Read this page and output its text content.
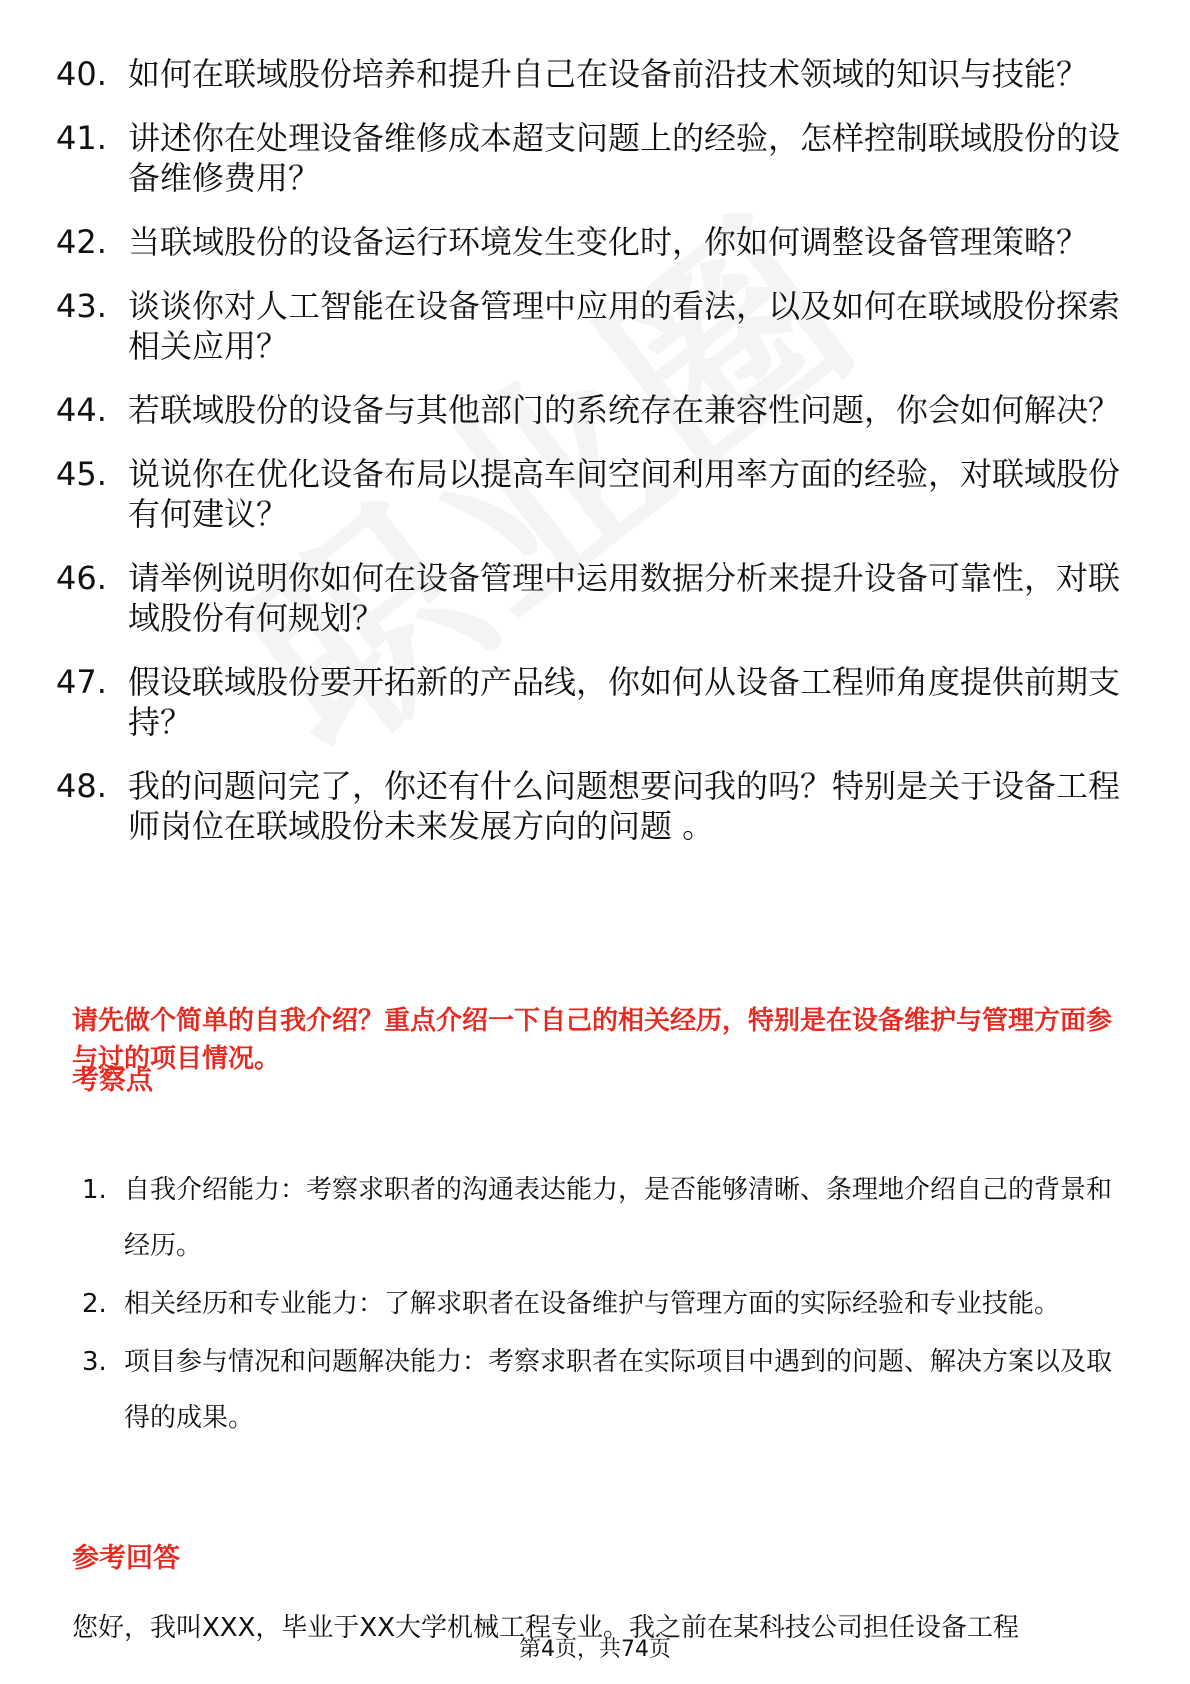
40. 如何在联域股份培养和提升自己在设备前沿技术领域的知识与技能？
41. 讲述你在处理设备维修成本超支问题上的经验，怎样控制联域股份的设备维修费用？
42. 当联域股份的设备运行环境发生变化时，你如何调整设备管理策略？
43. 谈谈你对人工智能在设备管理中应用的看法，以及如何在联域股份探索相关应用？
44. 若联域股份的设备与其他部门的系统存在兼容性问题，你会如何解决？
45. 说说你在优化设备布局以提高车间空间利用率方面的经验，对联域股份有何建议？
46. 请举例说明你如何在设备管理中运用数据分析来提升设备可靠性，对联域股份有何规划？
47. 假设联域股份要开拓新的产品线，你如何从设备工程师角度提供前期支持？
48. 我的问题问完了，你还有什么问题想要问我的吗？特别是关于设备工程师岗位在联域股份未来发展方向的问题 。
请先做个简单的自我介绍？重点介绍一下自己的相关经历，特别是在设备维护与管理方面参与过的项目情况。
考察点
1. 自我介绍能力：考察求职者的沟通表达能力，是否能够清晰、条理地介绍自己的背景和经历。
2. 相关经历和专业能力：了解求职者在设备维护与管理方面的实际经验和专业技能。
3. 项目参与情况和问题解决能力：考察求职者在实际项目中遇到的问题、解决方案以及取得的成果。
参考回答
您好，我叫XXX，毕业于XX大学机械工程专业。我之前在某科技公司担任设备工程
第4页，共74页
